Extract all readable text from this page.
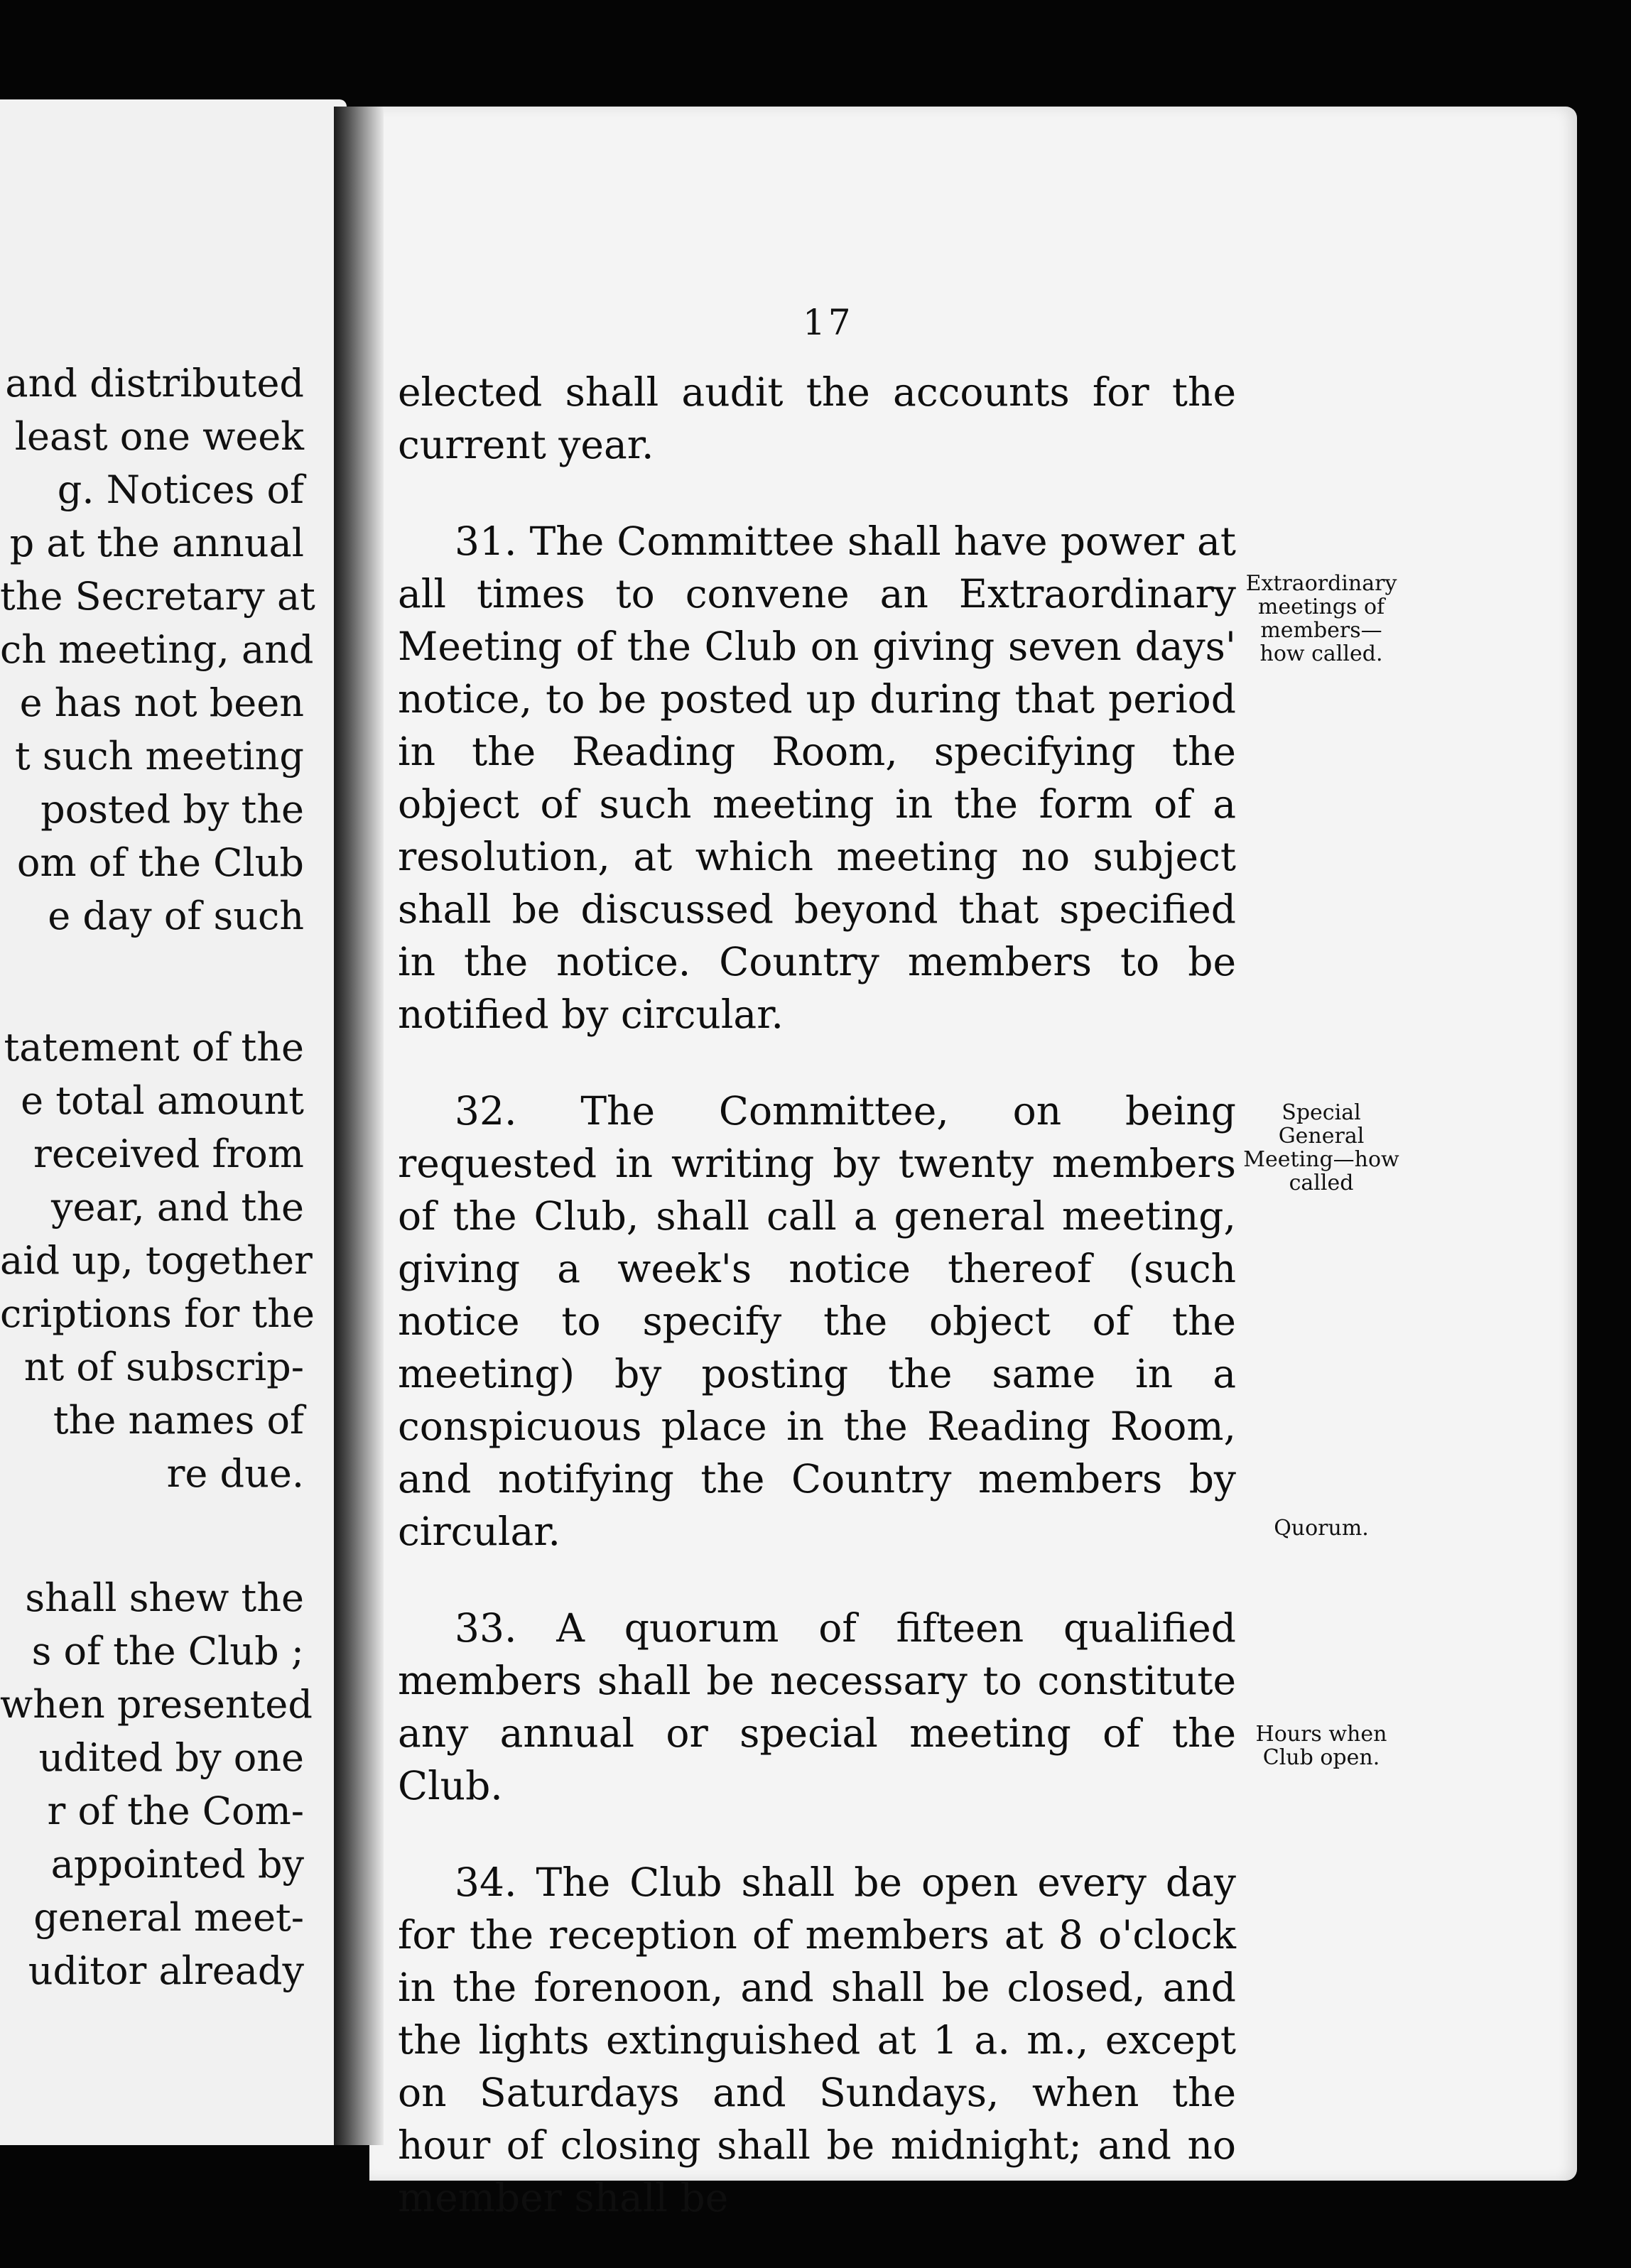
and distributed
least one week
g. Notices of
p at the annual
the Secretary at
ch meeting, and
e has not been
t such meeting
posted by the
om of the Club
e day of such
tatement of the
e total amount
received from
year, and the
aid up, together
criptions for the
nt of subscrip-
the names of
re due.
shall shew the
s of the Club ;
when presented
udited by one
r of the Com-
appointed by
general meet-
uditor already
17

elected shall audit the accounts for the current year.

31. The Committee shall have power at all times to convene an Extraordinary Meeting of the Club on giving seven days' notice, to be posted up during that period in the Reading Room, specifying the object of such meeting in the form of a resolution, at which meeting no subject shall be discussed beyond that specified in the notice. Country members to be notified by circular.

32. The Committee, on being requested in writing by twenty members of the Club, shall call a general meeting, giving a week's notice thereof (such notice to specify the object of the meeting) by posting the same in a conspicuous place in the Reading Room, and notifying the Country members by circular.

33. A quorum of fifteen qualified members shall be necessary to constitute any annual or special meeting of the Club.

34. The Club shall be open every day for the reception of members at 8 o'clock in the forenoon, and shall be closed, and the lights extinguished at 1 a. m., except on Saturdays and Sundays, when the hour of closing shall be midnight; and no member shall be

Extraordinary meetings of members—how called.
Special General Meeting—how called
Quorum.
Hours when Club open.
